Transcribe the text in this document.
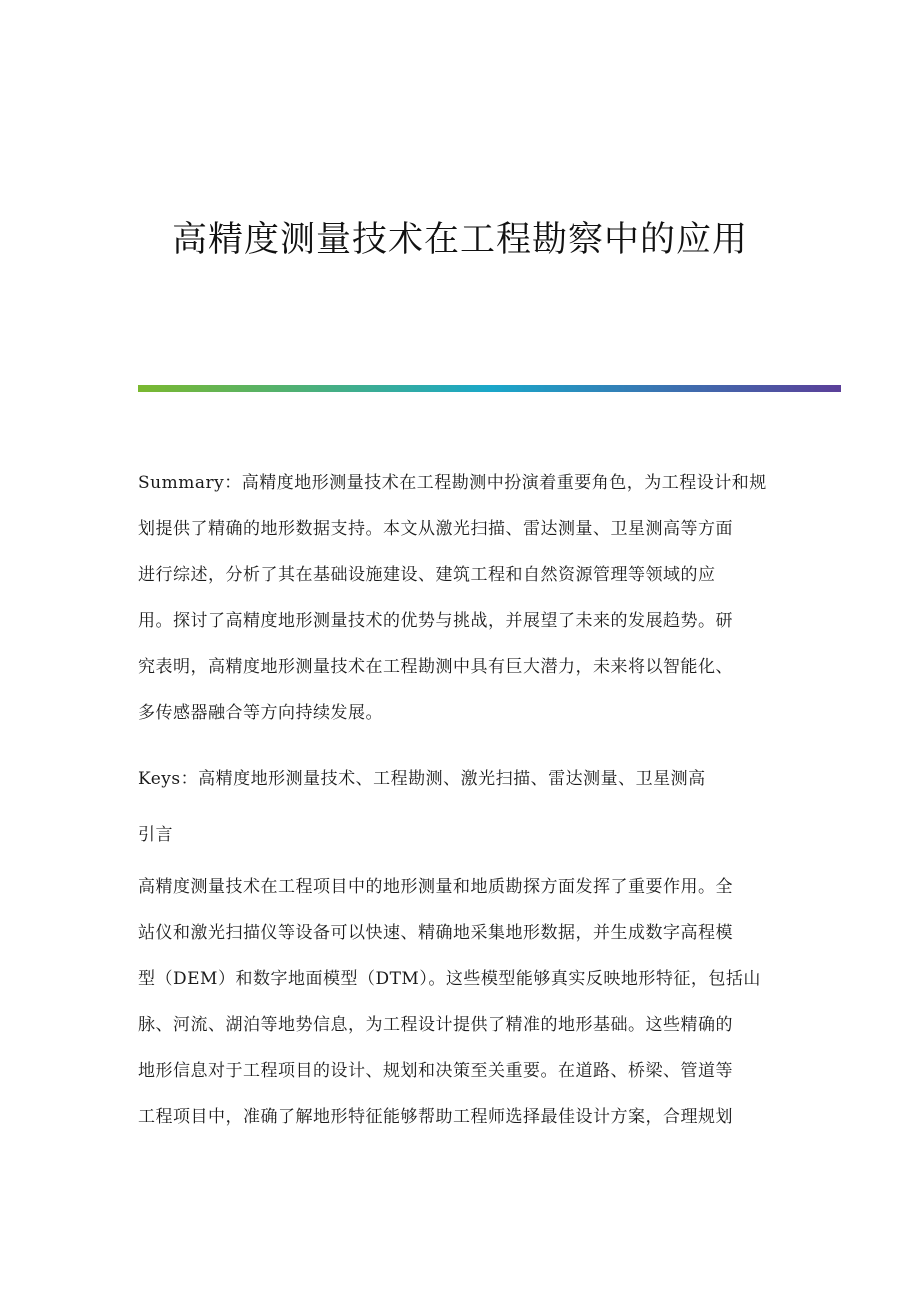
高精度测量技术在工程勘察中的应用
Summary：高精度地形测量技术在工程勘测中扮演着重要角色，为工程设计和规
划提供了精确的地形数据支持。本文从激光扫描、雷达测量、卫星测高等方面
进行综述，分析了其在基础设施建设、建筑工程和自然资源管理等领域的应
用。探讨了高精度地形测量技术的优势与挑战，并展望了未来的发展趋势。研
究表明，高精度地形测量技术在工程勘测中具有巨大潜力，未来将以智能化、
多传感器融合等方向持续发展。
Keys：高精度地形测量技术、工程勘测、激光扫描、雷达测量、卫星测高
引言
高精度测量技术在工程项目中的地形测量和地质勘探方面发挥了重要作用。全
站仪和激光扫描仪等设备可以快速、精确地采集地形数据，并生成数字高程模
型（DEM）和数字地面模型（DTM）。这些模型能够真实反映地形特征，包括山
脉、河流、湖泊等地势信息，为工程设计提供了精准的地形基础。这些精确的
地形信息对于工程项目的设计、规划和决策至关重要。在道路、桥梁、管道等
工程项目中，准确了解地形特征能够帮助工程师选择最佳设计方案，合理规划
